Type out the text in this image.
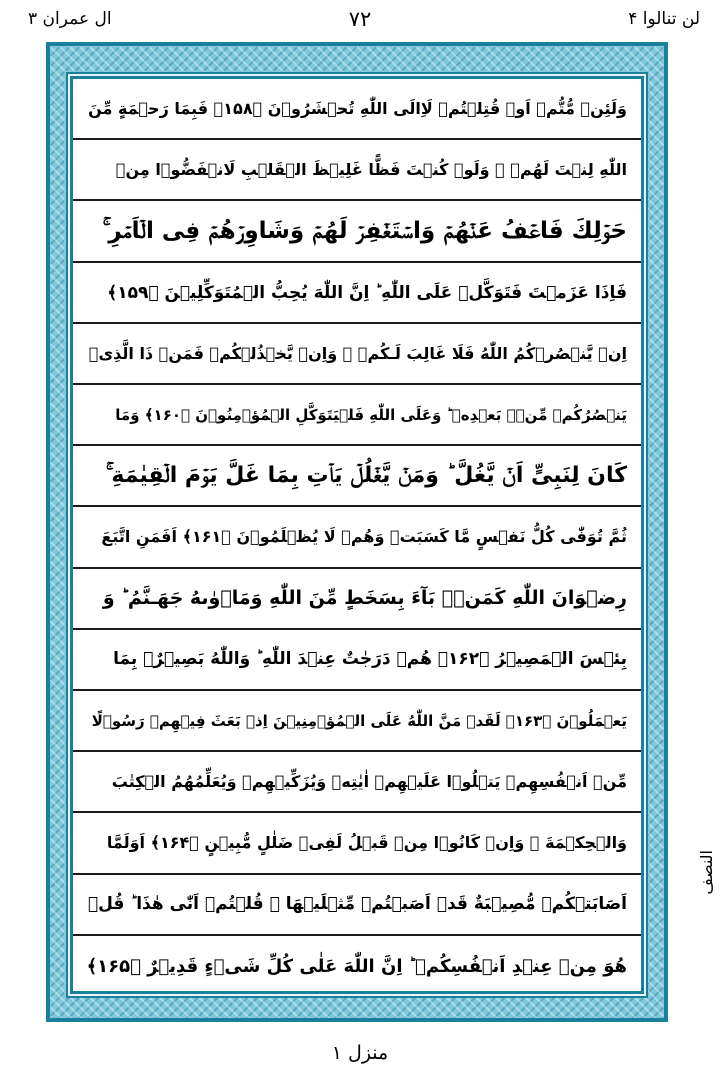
لن تنالوا ۴
۷۲
ال عمران ۳
وَلَئِنۡ مُّتُّمۡ اَوۡ قُتِلۡتُمۡ لَاِالَى اللّٰهِ تُحۡشَرُوۡنَ ﴿۱۵۸﴾ فَبِمَا رَحۡمَةٍ مِّنَ
اللّٰهِ لِنۡتَ لَهُمۡ ۚ وَلَوۡ كُنۡتَ فَظًّا غَلِيۡظَ الۡقَلۡبِ لَانۡفَضُّوۡا مِنۡ
حَوۡلِكَ فَاعۡفُ عَنۡهُمۡ وَاسۡتَغۡفِرۡ لَهُمۡ وَشَاوِرۡهُمۡ فِى الۡاَمۡرِ ۚ
فَاِذَا عَزَمۡتَ فَتَوَكَّلۡ عَلَى اللّٰهِ ؕ اِنَّ اللّٰهَ يُحِبُّ الۡمُتَوَكِّلِيۡنَ ﴿۱۵۹﴾
اِنۡ يَّنۡصُرۡكُمُ اللّٰهُ فَلَا غَالِبَ لَـكُمۡ ۚ وَاِنۡ يَّخۡذُلۡكُمۡ فَمَنۡ ذَا الَّذِىۡ
يَنۡصُرُكُمۡ مِّنۡۢ بَعۡدِهٖ ؕ وَعَلَى اللّٰهِ فَلۡيَتَوَكَّلِ الۡمُؤۡمِنُوۡنَ ﴿۱۶۰﴾ وَمَا
كَانَ لِنَبِىٍّ اَنۡ يَّغُلَّ ؕ وَمَنۡ يَّغۡلُلۡ يَاۡتِ بِمَا غَلَّ يَوۡمَ الۡقِيٰمَةِ ۚ
ثُمَّ تُوَفّٰى كُلُّ نَفۡسٍ مَّا كَسَبَتۡ وَهُمۡ لَا يُظۡلَمُوۡنَ ﴿۱۶۱﴾ اَفَمَنِ اتَّبَعَ
رِضۡوَانَ اللّٰهِ كَمَنۡۢ بَآءَ بِسَخَطٍ مِّنَ اللّٰهِ وَمَاۡوٰٮهُ جَهَـنَّمُ ؕ وَ
بِئۡسَ الۡمَصِيۡرُ ﴿۱۶۲﴾ هُمۡ دَرَجٰتٌ عِنۡدَ اللّٰهِ ؕ وَاللّٰهُ بَصِيۡرٌۢ بِمَا
يَعۡمَلُوۡنَ ﴿۱۶۳﴾ لَقَدۡ مَنَّ اللّٰهُ عَلَى الۡمُؤۡمِنِيۡنَ اِذۡ بَعَثَ فِيۡهِمۡ رَسُوۡلًا
مِّنۡ اَنۡفُسِهِمۡ يَتۡلُوۡا عَلَيۡهِمۡ اٰيٰتِهٖ وَيُزَكِّيۡهِمۡ وَيُعَلِّمُهُمُ الۡكِتٰبَ
وَالۡحِكۡمَةَ ۚ وَاِنۡ كَانُوۡا مِنۡ قَبۡلُ لَفِىۡ ضَلٰلٍ مُّبِيۡنٍ ﴿۱۶۴﴾ اَوَلَمَّا
اَصَابَتۡكُمۡ مُّصِيۡبَةٌ قَدۡ اَصَبۡتُمۡ مِّثۡلَيۡهَا ۙ قُلۡتُمۡ اَنّٰى هٰذَا ؕ قُلۡ
هُوَ مِنۡ عِنۡدِ اَنۡفُسِكُمۡ ؕ اِنَّ اللّٰهَ عَلٰى كُلِّ شَىۡءٍ قَدِيۡرٌ ﴿۱۶۵﴾
النصف
منزل ۱
